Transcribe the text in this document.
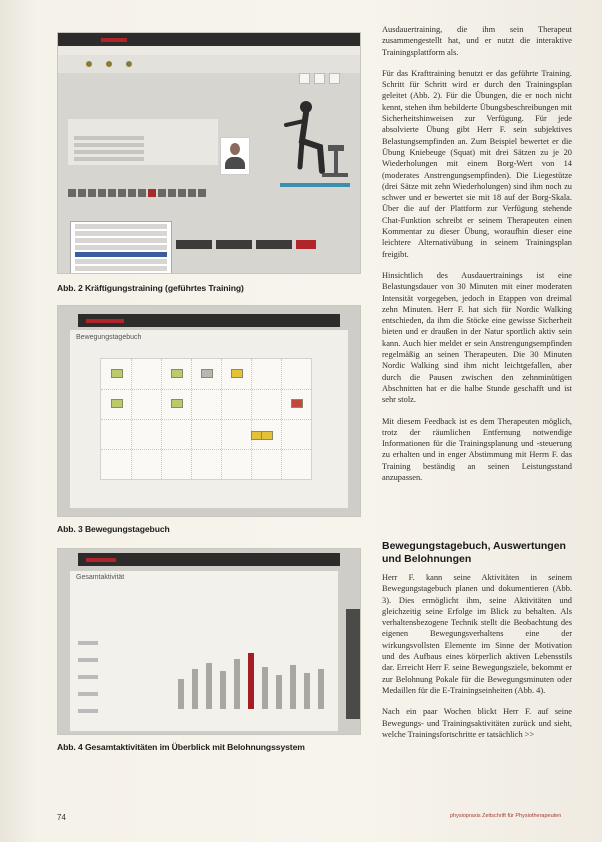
Abb. 2 Kräftigungstraining (geführtes Training)
Bewegungstagebuch
Abb. 3 Bewegungstagebuch
Gesamtaktivität
Abb. 4 Gesamtaktivitäten im Überblick mit Belohnungssystem

Ausdauertraining, die ihm sein Therapeut zusammengestellt hat, und er nutzt die interaktive Trainingsplattform als.

Für das Krafttraining benutzt er das geführte Training. Schritt für Schritt wird er durch den Trainingsplan geleitet (Abb. 2). Für die Übungen, die er noch nicht kennt, stehen ihm bebilderte Übungsbeschreibungen mit Sicherheitshinweisen zur Verfügung. Für jede absolvierte Übung gibt Herr F. sein subjektives Belastungsempfinden an. Zum Beispiel bewertet er die Übung Kniebeuge (Squat) mit drei Sätzen zu je 20 Wiederholungen mit einem Borg-Wert von 14 (moderates Anstrengungsempfinden). Die Liegestütze (drei Sätze mit zehn Wiederholungen) sind ihm noch zu schwer und er bewertet sie mit 18 auf der Borg-Skala. Über die auf der Plattform zur Verfügung stehende Chat-Funktion schreibt er seinem Therapeuten einen Kommentar zu dieser Übung, woraufhin dieser eine leichtere Alternativübung in seinem Trainingsplan freigibt.

Hinsichtlich des Ausdauertrainings ist eine Belastungsdauer von 30 Minuten mit einer moderaten Intensität vorgegeben, jedoch in Etappen von dreimal zehn Minuten. Herr F. hat sich für Nordic Walking entschieden, da ihm die Stöcke eine gewisse Sicherheit bieten und er draußen in der Natur sportlich aktiv sein kann. Auch hier meldet er sein Anstrengungsempfinden regelmäßig an seinen Therapeuten. Die 30 Minuten Nordic Walking sind ihm nicht leichtgefallen, aber durch die Pausen zwischen den zehnminütigen Abschnitten hat er die halbe Stunde geschafft und ist sehr stolz.

Mit diesem Feedback ist es dem Therapeuten möglich, trotz der räumlichen Entfernung notwendige Informationen für die Trainingsplanung und -steuerung zu erhalten und in enger Abstimmung mit Herrn F. das Training beständig an seinen Leistungsstand anzupassen.

Bewegungstagebuch, Auswertungen und Belohnungen

Herr F. kann seine Aktivitäten in seinem Bewegungstagebuch planen und dokumentieren (Abb. 3). Dies ermöglicht ihm, seine Aktivitäten und gleichzeitig seine Erfolge im Blick zu behalten. Als verhaltensbezogene Technik stellt die Beobachtung des eigenen Bewegungsverhaltens eine der wirkungsvollsten Elemente im Sinne der Motivation und des Aufbaus eines körperlich aktiven Lebensstils dar. Erreicht Herr F. seine Bewegungsziele, bekommt er zur Belohnung Pokale für die Bewegungsminuten oder Medaillen für die E-Trainingseinheiten (Abb. 4).

Nach ein paar Wochen blickt Herr F. auf seine Bewegungs- und Trainingsaktivitäten zurück und sieht, welche Trainingsfortschritte er tatsächlich >>

74	physiopraxis Zeitschrift für Physiotherapeuten
